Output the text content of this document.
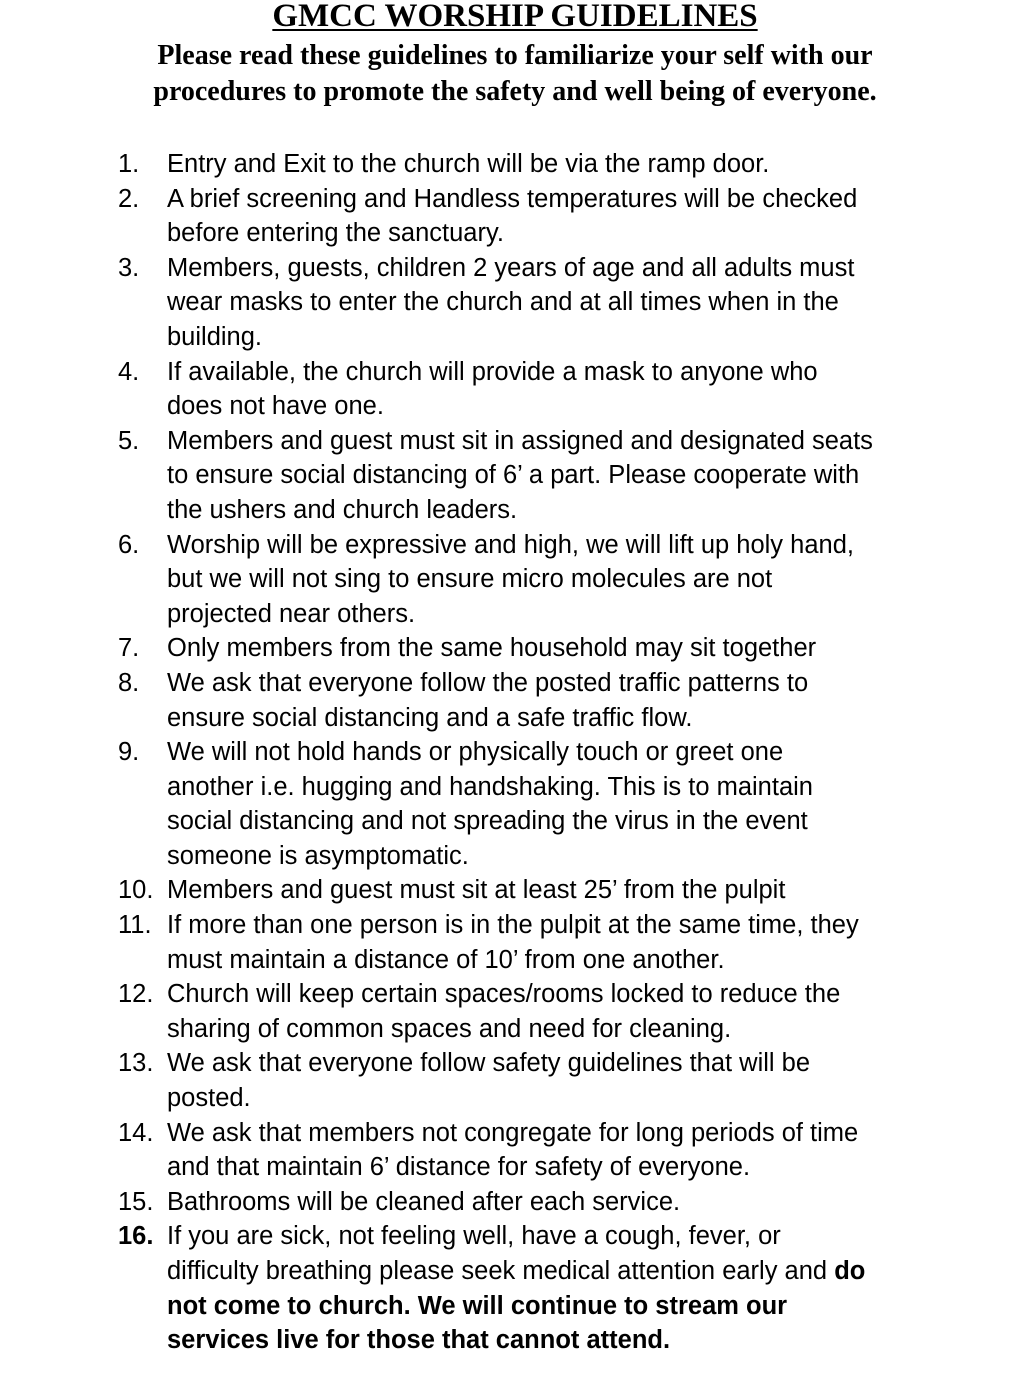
GMCC WORSHIP GUIDELINES
Please read these guidelines to familiarize your self with our
procedures to promote the safety and well being of everyone.
1.	Entry and Exit to the church will be via the ramp door.
2.	A brief screening and Handless temperatures will be checked
before entering the sanctuary.
3.	Members, guests, children 2 years of age and all adults must
wear masks to enter the church and at all times when in the
building.
4.	If available, the church will provide a mask to anyone who
does not have one.
5.	Members and guest must sit in assigned and designated seats
to ensure social distancing of 6’ a part. Please cooperate with
the ushers and church leaders.
6.	Worship will be expressive and high, we will lift up holy hand,
but we will not sing to ensure micro molecules are not
projected near others.
7.	Only members from the same household may sit together
8.	We ask that everyone follow the posted traffic patterns to
ensure social distancing and a safe traffic flow.
9.	We will not hold hands or physically touch or greet one
another i.e. hugging and handshaking. This is to maintain
social distancing and not spreading the virus in the event
someone is asymptomatic.
10. Members and guest must sit at least 25’ from the pulpit
11. If more than one person is in the pulpit at the same time, they
must maintain a distance of 10’ from one another.
12. Church will keep certain spaces/rooms locked to reduce the
sharing of common spaces and need for cleaning.
13. We ask that everyone follow safety guidelines that will be
posted.
14. We ask that members not congregate for long periods of time
and that maintain 6’ distance for safety of everyone.
15. Bathrooms will be cleaned after each service.
16. If you are sick, not feeling well, have a cough, fever, or
difficulty breathing please seek medical attention early and do
not come to church. We will continue to stream our
services live for those that cannot attend.
